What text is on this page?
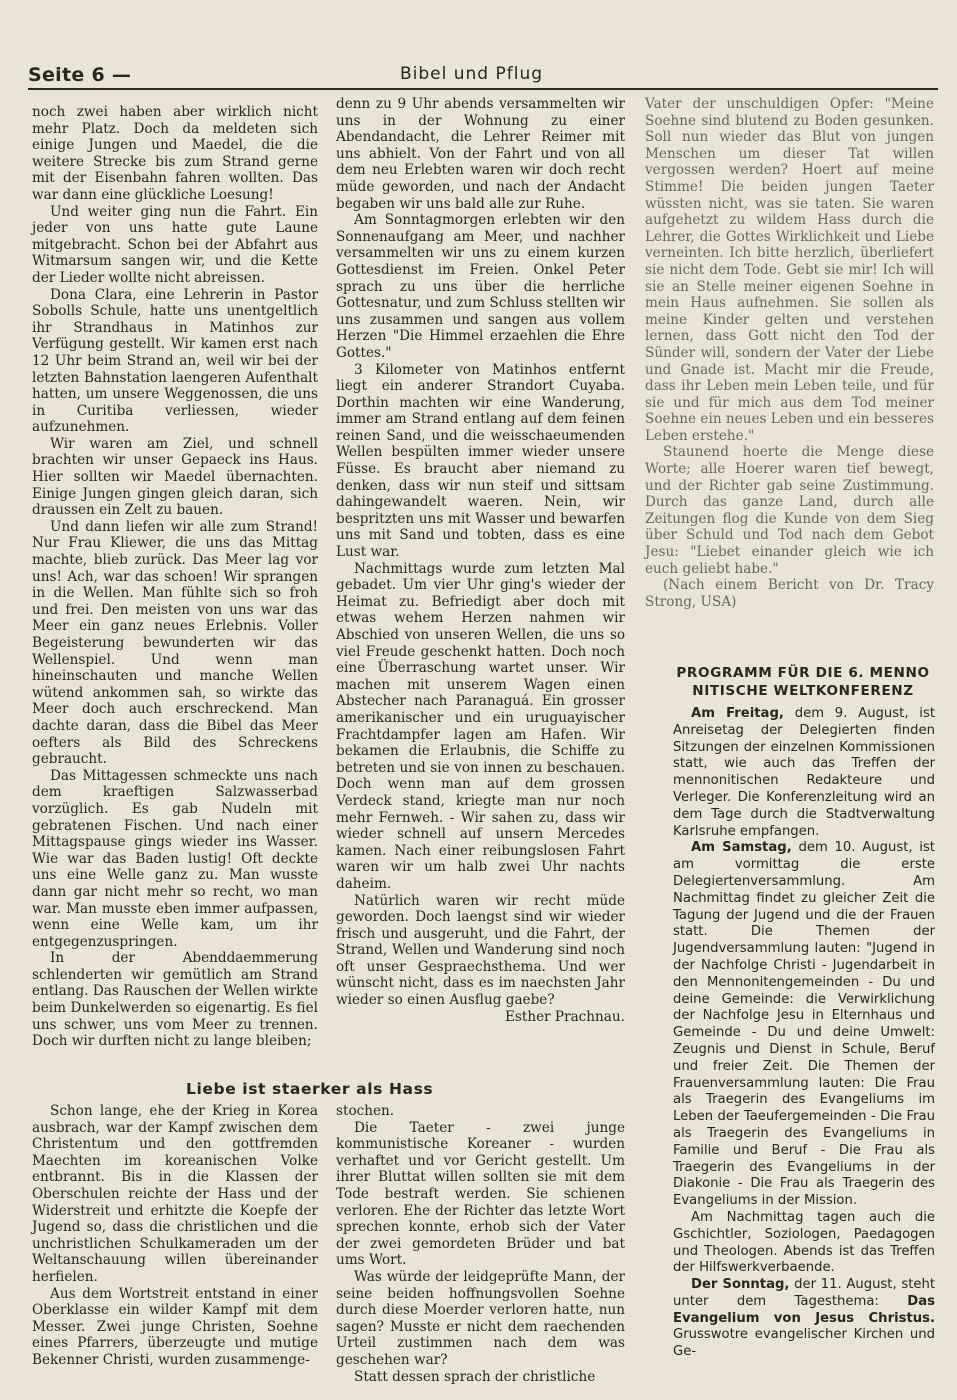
Seite 6 —	Bibel und Pflug

noch zwei haben aber wirklich nicht mehr Platz. Doch da meldeten sich einige Jungen und Maedel, die die weitere Strecke bis zum Strand gerne mit der Eisenbahn fahren wollten. Das war dann eine glückliche Loesung!

Und weiter ging nun die Fahrt. Ein jeder von uns hatte gute Laune mitgebracht. Schon bei der Abfahrt aus Witmarsum sangen wir, und die Kette der Lieder wollte nicht abreissen.

Dona Clara, eine Lehrerin in Pastor Sobolls Schule, hatte uns unentgeltlich ihr Strandhaus in Matinhos zur Verfügung gestellt. Wir kamen erst nach 12 Uhr beim Strand an, weil wir bei der letzten Bahnstation laengeren Aufenthalt hatten, um unsere Weggenossen, die uns in Curitiba verliessen, wieder aufzunehmen.

Wir waren am Ziel, und schnell brachten wir unser Gepaeck ins Haus. Hier sollten wir Maedel übernachten. Einige Jungen gingen gleich daran, sich draussen ein Zelt zu bauen.

Und dann liefen wir alle zum Strand! Nur Frau Kliewer, die uns das Mittag machte, blieb zurück. Das Meer lag vor uns! Ach, war das schoen! Wir sprangen in die Wellen. Man fühlte sich so froh und frei. Den meisten von uns war das Meer ein ganz neues Erlebnis. Voller Begeisterung bewunderten wir das Wellenspiel. Und wenn man hineinschauten und manche Wellen wütend ankommen sah, so wirkte das Meer doch auch erschreckend. Man dachte daran, dass die Bibel das Meer oefters als Bild des Schreckens gebraucht.

Das Mittagessen schmeckte uns nach dem kraeftigen Salzwasserbad vorzüglich. Es gab Nudeln mit gebratenen Fischen. Und nach einer Mittagspause gings wieder ins Wasser. Wie war das Baden lustig! Oft deckte uns eine Welle ganz zu. Man wusste dann gar nicht mehr so recht, wo man war. Man musste eben immer aufpassen, wenn eine Welle kam, um ihr entgegenzuspringen.

In der Abenddaemmerung schlenderten wir gemütlich am Strand entlang. Das Rauschen der Wellen wirkte beim Dunkelwerden so eigenartig. Es fiel uns schwer, uns vom Meer zu trennen. Doch wir durften nicht zu lange bleiben;

denn zu 9 Uhr abends versammelten wir uns in der Wohnung zu einer Abendandacht, die Lehrer Reimer mit uns abhielt. Von der Fahrt und von all dem neu Erlebten waren wir doch recht müde geworden, und nach der Andacht begaben wir uns bald alle zur Ruhe.

Am Sonntagmorgen erlebten wir den Sonnenaufgang am Meer, und nachher versammelten wir uns zu einem kurzen Gottesdienst im Freien. Onkel Peter sprach zu uns über die herrliche Gottesnatur, und zum Schluss stellten wir uns zusammen und sangen aus vollem Herzen "Die Himmel erzaehlen die Ehre Gottes."

3 Kilometer von Matinhos entfernt liegt ein anderer Strandort Cuyaba. Dorthin machten wir eine Wanderung, immer am Strand entlang auf dem feinen reinen Sand, und die weisschaeumenden Wellen bespülten immer wieder unsere Füsse. Es braucht aber niemand zu denken, dass wir nun steif und sittsam dahingewandelt waeren. Nein, wir bespritzten uns mit Wasser und bewarfen uns mit Sand und tobten, dass es eine Lust war.

Nachmittags wurde zum letzten Mal gebadet. Um vier Uhr ging's wieder der Heimat zu. Befriedigt aber doch mit etwas wehem Herzen nahmen wir Abschied von unseren Wellen, die uns so viel Freude geschenkt hatten. Doch noch eine Überraschung wartet unser. Wir machen mit unserem Wagen einen Abstecher nach Paranaguá. Ein grosser amerikanischer und ein uruguayischer Frachtdampfer lagen am Hafen. Wir bekamen die Erlaubnis, die Schiffe zu betreten und sie von innen zu beschauen. Doch wenn man auf dem grossen Verdeck stand, kriegte man nur noch mehr Fernweh. - Wir sahen zu, dass wir wieder schnell auf unsern Mercedes kamen. Nach einer reibungslosen Fahrt waren wir um halb zwei Uhr nachts daheim.

Natürlich waren wir recht müde geworden. Doch laengst sind wir wieder frisch und ausgeruht, und die Fahrt, der Strand, Wellen und Wanderung sind noch oft unser Gespraechsthema. Und wer wünscht nicht, dass es im naechsten Jahr wieder so einen Ausflug gaebe?

Esther Prachnau.

Vater der unschuldigen Opfer: "Meine Soehne sind blutend zu Boden gesunken. Soll nun wieder das Blut von jungen Menschen um dieser Tat willen vergossen werden? Hoert auf meine Stimme! Die beiden jungen Taeter wüssten nicht, was sie taten. Sie waren aufgehetzt zu wildem Hass durch die Lehrer, die Gottes Wirklichkeit und Liebe verneinten. Ich bitte herzlich, überliefert sie nicht dem Tode. Gebt sie mir! Ich will sie an Stelle meiner eigenen Soehne in mein Haus aufnehmen. Sie sollen als meine Kinder gelten und verstehen lernen, dass Gott nicht den Tod der Sünder will, sondern der Vater der Liebe und Gnade ist. Macht mir die Freude, dass ihr Leben mein Leben teile, und für sie und für mich aus dem Tod meiner Soehne ein neues Leben und ein besseres Leben erstehe."

Staunend hoerte die Menge diese Worte; alle Hoerer waren tief bewegt, und der Richter gab seine Zustimmung. Durch das ganze Land, durch alle Zeitungen flog die Kunde von dem Sieg über Schuld und Tod nach dem Gebot Jesu: "Liebet einander gleich wie ich euch geliebt habe."

(Nach einem Bericht von Dr. Tracy Strong, USA)

Liebe ist staerker als Hass

Schon lange, ehe der Krieg in Korea ausbrach, war der Kampf zwischen dem Christentum und den gottfremden Maechten im koreanischen Volke entbrannt. Bis in die Klassen der Oberschulen reichte der Hass und der Widerstreit und erhitzte die Koepfe der Jugend so, dass die christlichen und die unchristlichen Schulkameraden um der Weltanschauung willen übereinander herfielen.

Aus dem Wortstreit entstand in einer Oberklasse ein wilder Kampf mit dem Messer. Zwei junge Christen, Soehne eines Pfarrers, überzeugte und mutige Bekenner Christi, wurden zusammenge-

stochen.

Die Taeter - zwei junge kommunistische Koreaner - wurden verhaftet und vor Gericht gestellt. Um ihrer Bluttat willen sollten sie mit dem Tode bestraft werden. Sie schienen verloren. Ehe der Richter das letzte Wort sprechen konnte, erhob sich der Vater der zwei gemordeten Brüder und bat ums Wort.

Was würde der leidgeprüfte Mann, der seine beiden hoffnungsvollen Soehne durch diese Moerder verloren hatte, nun sagen? Musste er nicht dem raechenden Urteil zustimmen nach dem was geschehen war?

Statt dessen sprach der christliche

PROGRAMM FÜR DIE 6. MENNO NITISCHE WELTKONFERENZ

Am Freitag, dem 9. August, ist Anreisetag der Delegierten finden Sitzungen der einzelnen Kommissionen statt, wie auch das Treffen der mennonitischen Redakteure und Verleger. Die Konferenzleitung wird an dem Tage durch die Stadtverwaltung Karlsruhe empfangen.

Am Samstag, dem 10. August, ist am vormittag die erste Delegiertenversammlung. Am Nachmittag findet zu gleicher Zeit die Tagung der Jugend und die der Frauen statt. Die Themen der Jugendversammlung lauten: "Jugend in der Nachfolge Christi - Jugendarbeit in den Mennonitengemeinden - Du und deine Gemeinde: die Verwirklichung der Nachfolge Jesu in Elternhaus und Gemeinde - Du und deine Umwelt: Zeugnis und Dienst in Schule, Beruf und freier Zeit. Die Themen der Frauenversammlung lauten: Die Frau als Traegerin des Evangeliums im Leben der Taeufergemeinden - Die Frau als Traegerin des Evangeliums in Familie und Beruf - Die Frau als Traegerin des Evangeliums in der Diakonie - Die Frau als Traegerin des Evangeliums in der Mission.

Am Nachmittag tagen auch die Gschichtler, Soziologen, Paedagogen und Theologen. Abends ist das Treffen der Hilfswerkverbaende.

Der Sonntag, der 11. August, steht unter dem Tagesthema: Das Evangelium von Jesus Christus. Grusswotre evangelischer Kirchen und Ge-
